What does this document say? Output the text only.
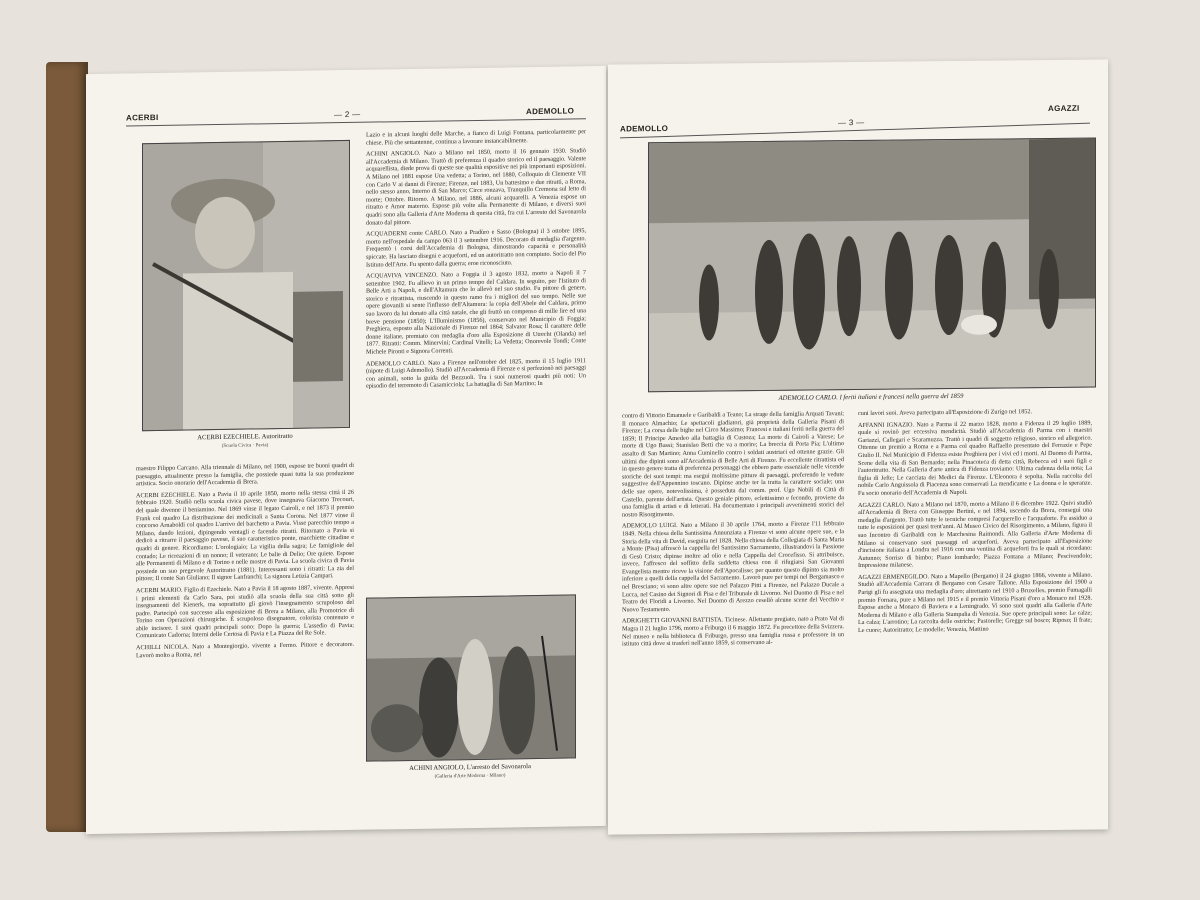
ACERBI	— 2 —	ADEMOLLO
ACERBI EZECHIELE. Autoritratto
(Scuola Civica · Pavia)

maestro Filippo Carcano. Alla triennale di Milano, nel 1900, espose tre buoni quadri di paesaggio, attualmente presso la famiglia, che possiede quasi tutta la sua produzione artistica. Socio onorario dell'Accademia di Brera.

ACERBI EZECHIELE. Nato a Pavia il 10 aprile 1850, morto nella stessa città il 26 febbraio 1920. Studiò nella scuola civica pavese, dove insegnava Giacomo Trecourt, del quale divenne il beniamino. Nel 1869 vinse il legato Cairoli, e nel 1873 il premio Frank col quadro La distribuzione dei medicinali a Santa Corona. Nel 1877 vinse il concorso Arnaboldi col quadro L'arrivo del barchetto a Pavia. Visse parecchio tempo a Milano, dando lezioni, dipingendo ventagli e facendo ritratti. Ritornato a Pavia si dedicò a ritrarre il paesaggio pavese, il suo caratteristico ponte, macchiette cittadine e quadri di genere. Ricordiamo: L'orologiaio; La vigilia della sagra; Le famigliole del contado; Le ricreazioni di un nonno; Il veterano; Le balie di Delio; Ore quiete. Espose alle Permanenti di Milano e di Torino e nelle mostre di Pavia. La scuola civica di Pavia possiede un suo pregevole Autoritratto (1881). Interessanti sono i ritratti: La zia del pittore; Il conte San Giuliano; Il signor Lanfranchi; La signora Letizia Campari.

ACERBI MARIO. Figlio di Ezechiele. Nato a Pavia il 18 agosto 1887, vivente. Appresi i primi elementi da Carlo Sara, poi studiò alla scuola della sua città sotto gli insegnamenti del Kienerk, ma soprattutto gli giovò l'insegnamento scrupoloso del padre. Partecipò con successo alla esposizione di Brera a Milano, alla Promotrice di Torino con Operazioni chirurgiche. È scrupoloso disegnatore, colorista contenuto e abile incisore. I suoi quadri principali sono: Dopo la guerra; L'assedio di Pavia; Comunicato Cadorna; Interni delle Certosa di Pavia e La Piazza del Re Sole.

ACHILLI NICOLA. Nato a Montegiorgio, vivente a Fermo. Pittore e decoratore. Lavorò molto a Roma, nel

Lazio e in alcuni luoghi delle Marche, a fianco di Luigi Fontana, particolarmente per chiese. Più che settantenne, continua a lavorare instancabilmente.

ACHINI ANGIOLO. Nato a Milano nel 1850, morto il 16 gennaio 1930. Studiò all'Accademia di Milano. Trattò di preferenza il quadro storico ed il paesaggio. Valente acquarellista, diede prova di queste sue qualità espositive nei più importanti esposizioni. A Milano nel 1881 espose Una vedetta; a Torino, nel 1880, Colloquio di Clemente VII con Carlo V ai danni di Firenze; Firenze, nel 1883, Un battesimo e due ritratti, a Roma, nello stesso anno, Interno di San Marco; Circe ronzava, Tranquillo Cremona sul letto di morte; Ottobre. Ritorno. A Milano, nel 1886, alcuni acquarelli. A Venezia espose un ritratto e Amor materno. Espose più volte alla Permanente di Milano, e diversi suoi quadri sono alla Galleria d'Arte Moderna di questa città, fra cui L'arresto del Savonarola donato dal pittore.

ACQUADERNI conte CARLO. Nato a Pradùro e Sasso (Bologna) il 3 ottobre 1895, morto nell'ospedale da campo 063 il 3 settembre 1916. Decorato di medaglia d'argento. Frequentò i corsi dell'Accademia di Bologna, dimostrando capacità e personalità spiccate. Ha lasciato disegni e acqueforti, ed un autoritratto non compiuto. Socio del Pio Istituto dell'Arte. Fu spento dalla guerra; eroe riconosciuto.

ACQUAVIVA VINCENZO. Nato a Foggia il 3 agosto 1832, morto a Napoli il 7 settembre 1902. Fu allievo in un primo tempo del Caldara. In seguito, per l'Istituto di Belle Arti a Napoli, e dell'Altamura che lo allevò nel suo studio. Fu pittore di genere, storico e ritrattista, riuscendo in questo ramo fra i migliori del suo tempo. Nelle sue opere giovanili si sente l'influsso dell'Altamura: la copia dell'Abele del Caldara, primo suo lavoro da lui donato alla città natale, che gli fruttò un compenso di mille lire ed una breve pensione (1850); L'Illuminismo (1856), conservato nel Municipio di Foggia; Preghiera, esposto alla Nazionale di Firenze nel 1864; Salvator Rosa; Il carattere delle donne italiane, premiato con medaglia d'oro alla Esposizione di Utrecht (Olanda) nel 1877. Ritratti: Comm. Minervini; Cardinal Vitelli; La Vedetta; Onorevole Tondi; Conte Michele Pironti e Signora Correnti.

ADEMOLLO CARLO. Nato a Firenze nell'ottobre del 1825, morto il 15 luglio 1911 (nipote di Luigi Ademollo). Studiò all'Accademia di Firenze e si perfezionò nei paesaggi con animali, sotto la guida del Bezzuoli. Tra i suoi numerosi quadri più noti: Un episodio del terremoto di Casamicciola; La battaglia di San Martino; In

ACHINI ANGIOLO, L'arresto del Savonarola
(Galleria d'Arte Moderna · Milano)
ADEMOLLO
— 3 —
AGAZZI
ADEMOLLO CARLO. I feriti italiani e francesi nella guerra del 1859

contro di Vittorio Emanuele e Garibaldi a Teano; La strage della famiglia Arquati Tavani; Il monaco Almachio; Le spettacoli gladiatori, già proprietà della Galleria Pisani di Firenze; La corsa delle bighe nel Circo Massimo; Francesi e italiani feriti nella guerra del 1859; Il Principe Amedeo alla battaglia di Custoza; La morte di Cairoli a Varese; Le morte di Ugo Bassi; Stanislao Betti che va a morire; La breccia di Porta Pia; L'ultimo assalto di San Martino; Anna Cuminello contro i soldati austriaci ed ottenne grazie. Gli ultimi due dipinti sono all'Accademia di Belle Arti di Firenze. Fu eccellente ritrattista ed in questo genere tratta di preferenza personaggi che ebbero parte essenziale nelle vicende storiche dei suoi tempi: ma eseguì moltissime pitture di paesaggi, preferendo le vedute suggestive dell'Appennino toscano. Dipinse anche ter la tratta la carattere sociale; una delle sue opere, notevolissima, è posseduta dal comm. prof. Ugo Nobili di Città di Castello, parente dell'artista. Questo geniale pittore, eclettissimo e fecondo, proviene da una famiglia di artisti e di letterati. Ha documentato i principali avvenimenti storici del nostro Risorgimento.

ADEMOLLO LUIGI. Nato a Milano il 30 aprile 1764, morto a Firenze l'11 febbraio 1849. Nella chiesa della Santissima Annunziata a Firenze vi sono alcune opere sue, e la Storia della vita di David, eseguita nel 1828. Nella chiesa della Collegiata di Santa Maria a Monte (Pisa) affrescò la cappella del Santissimo Sacramento, illustrandovi la Passione di Gesù Cristo; dipinse inoltre ad olio e nella Cappella del Crocefisso. Si attribuisce, invece, l'affresco del soffitto della suddetta chiesa con il rifugiarsi San Giovanni Evangelista mentre riceve la visione dell'Apocalisse; per quanto questo dipinto sia molto inferiore a quelli della cappella del Sacramento. Lavorò pure per tempi nel Bergamasco e nel Bresciano; vi sono altre opere sue nel Palazzo Pitti a Firenze, nel Palazzo Ducale a Lucca, nel Casino dei Signori di Pisa e del Tribunale di Livorno. Nel Duomo di Pisa e nel Teatro dei Floridi a Livorno. Nel Duomo di Arezzo cesellò alcune scene del Vecchio e Nuovo Testamento.

ADRIGHETTI GIOVANNI BATTISTA. Ticinese. Allettante pregiato, nato a Prato Val di Magra il 21 luglio 1796, morto a Friburgo il 6 maggio 1872. Fu precettore della Svizzera. Nel museo e nella biblioteca di Friburgo, presso una famiglia russa e professore in un istituto città dove si trasferì nell'anno 1859, si conservano al-

cuni lavori suoi. Aveva partecipato all'Esposizione di Zurigo nel 1852.

AFFANNI IGNAZIO. Nato a Parma il 22 marzo 1828, morto a Fidenza il 29 luglio 1889, quale si rovinò per eccessiva mendicità. Studiò all'Accademia di Parma con i maestri Gariazzi, Callegari e Scaramuzza. Trattò i quadri di soggetto religioso, storico ed allegorico. Ottenne un premio a Roma e a Parma col quadro Raffaello presentato del Ferraxie e Pepe Giulio II. Nel Municipio di Fidenza esiste Preghiera per i vivi ed i morti. Al Duomo di Parma, Scene della vita di San Bernardo; nella Pinacoteca di detta città, Rebecca ed i suoi figli e l'autoritratto. Nella Galleria d'arte antica di Fidenza troviamo: Ultima cadenza della nota; La figlia di Jefte; Le cacciata dei Medici da Firenze. L'Eleonora è sepolta. Nella raccolta del nobile Carlo Anguissola di Piacenza sono conservati La mendicante e La donna e le speranze. Fu socio onorario dell'Accademia di Napoli.

AGAZZI CARLO. Nato a Milano nel 1870, morto a Milano il 6 dicembre 1922. Quivi studiò all'Accademia di Brera con Giuseppe Bertini, e nel 1894, uscendo da Brera, conseguì una medaglia d'argento. Trattò tutte le tecniche compresi l'acquerello e l'acquaforte. Fu assiduo a tutte le esposizioni per quasi trent'anni. Al Museo Civico del Risorgimento, a Milano, figura il suo Incontro di Garibaldi con le Marchesina Raimondi. Alla Galleria d'Arte Moderna di Milano si conservano suoi paesaggi ed acqueforti. Aveva partecipato all'Esposizione d'incisione italiana a Londra nel 1916 con una ventina di acqueforti fra le quali si ricordano: Autunno; Sorriso di bimbo; Piano lombardo; Piazza Fontana a Milano; Pescivendolo; Impressione milanese.

AGAZZI ERMENEGILDO. Nato a Mapello (Bergamo) il 24 giugno 1866, vivente a Milano. Studiò all'Accademia Carrara di Bergamo con Cesare Tallone. Alla Esposizione del 1900 a Parigi gli fu assegnata una medaglia d'oro; altrettanto nel 1910 a Bruxelles, premio Fumagalli premio Fornara, pure a Milano nel 1915 e il premio Vittoria Pisani d'oro a Monaco nel 1928. Espose anche a Monaco di Baviera e a Leningrado. Vi sono suoi quadri alla Galleria d'Arte Moderna di Milano e alla Galleria Stampalia di Venezia. Sue opere principali sono: Le calze; La calza; L'arrotino; La raccolta delle ostriche; Pastorelle; Gregge sul bosco; Riposo; Il frate; Le cuore; Autoritratto; Le modelle; Venezia, Mattino
